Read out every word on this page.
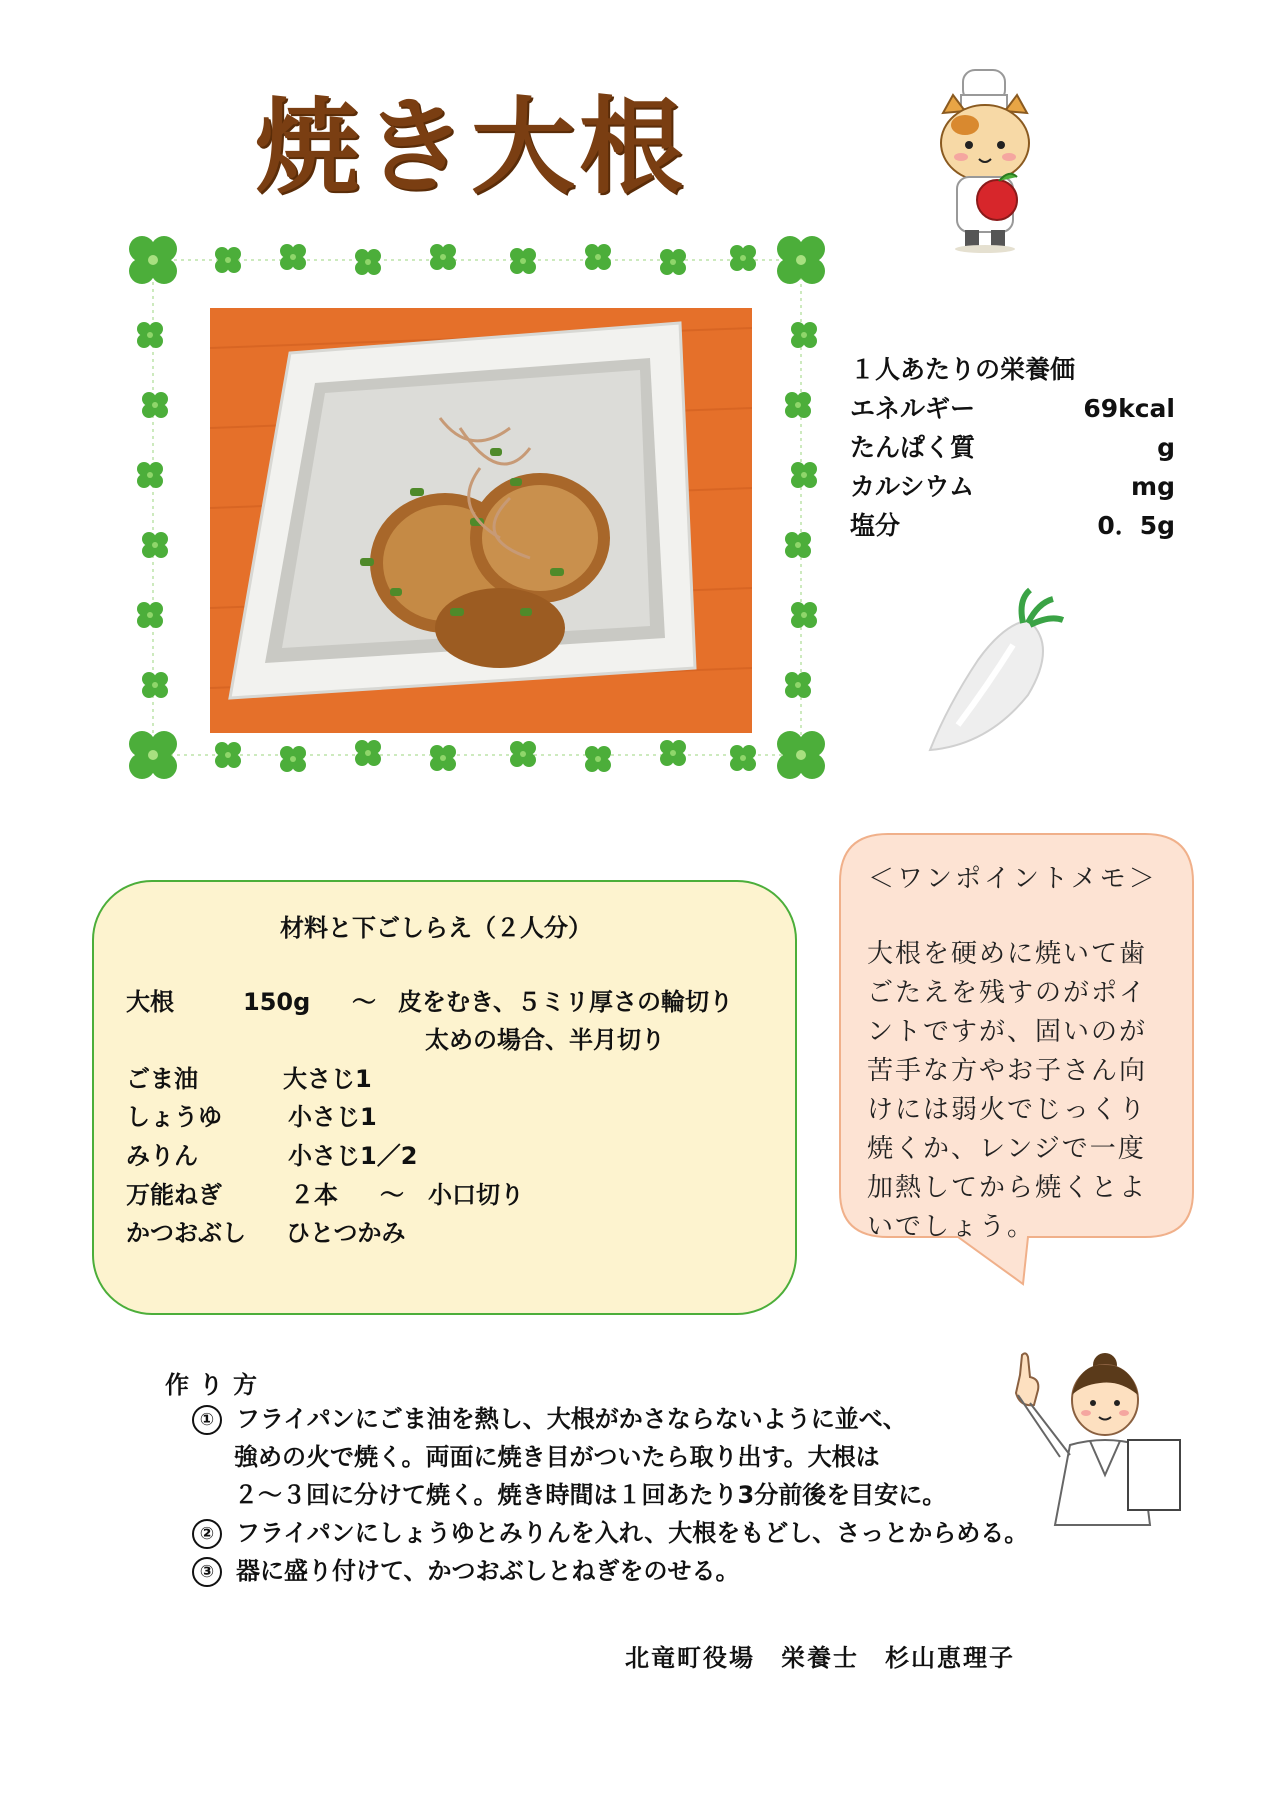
焼き大根
１人あたりの栄養価
エネルギー	69kcal
たんぱく質	g
カルシウム	mg
塩分	0．5g
材料と下ごしらえ（２人分）
大根	150g ～ 皮をむき、５ミリ厚さの輪切り
太めの場合、半月切り
ごま油	大さじ1
しょうゆ	小さじ1
みりん	小さじ1／2
万能ねぎ	２本 ～ 小口切り
かつおぶし ひとつかみ
＜ワンポイントメモ＞
大根を硬めに焼いて歯
ごたえを残すのがポイ
ントですが、固いのが
苦手な方やお子さん向
けには弱火でじっくり
焼くか、レンジで一度
加熱してから焼くとよ
いでしょう。
作り方
① フライパンにごま油を熱し、大根がかさならないように並べ、
強めの火で焼く。両面に焼き目がついたら取り出す。大根は
２～３回に分けて焼く。焼き時間は１回あたり3分前後を目安に。
② フライパンにしょうゆとみりんを入れ、大根をもどし、さっとからめる。
③ 器に盛り付けて、かつおぶしとねぎをのせる。
北竜町役場　栄養士　杉山恵理子
